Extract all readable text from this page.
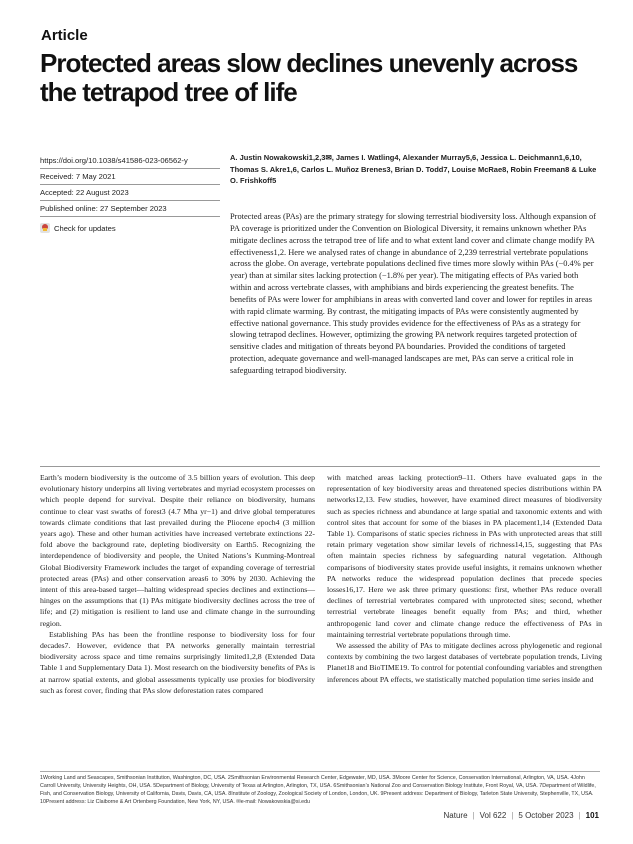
Article
Protected areas slow declines unevenly across the tetrapod tree of life
https://doi.org/10.1038/s41586-023-06562-y
Received: 7 May 2021
Accepted: 22 August 2023
Published online: 27 September 2023
Check for updates
A. Justin Nowakowski1,2,3✉, James I. Watling4, Alexander Murray5,6, Jessica L. Deichmann1,6,10, Thomas S. Akre1,6, Carlos L. Muñoz Brenes3, Brian D. Todd7, Louise McRae8, Robin Freeman8 & Luke O. Frishkoff5
Protected areas (PAs) are the primary strategy for slowing terrestrial biodiversity loss. Although expansion of PA coverage is prioritized under the Convention on Biological Diversity, it remains unknown whether PAs mitigate declines across the tetrapod tree of life and to what extent land cover and climate change modify PA effectiveness1,2. Here we analysed rates of change in abundance of 2,239 terrestrial vertebrate populations across the globe. On average, vertebrate populations declined five times more slowly within PAs (−0.4% per year) than at similar sites lacking protection (−1.8% per year). The mitigating effects of PAs varied both within and across vertebrate classes, with amphibians and birds experiencing the greatest benefits. The benefits of PAs were lower for amphibians in areas with converted land cover and lower for reptiles in areas with rapid climate warming. By contrast, the mitigating impacts of PAs were consistently augmented by effective national governance. This study provides evidence for the effectiveness of PAs as a strategy for slowing tetrapod declines. However, optimizing the growing PA network requires targeted protection of sensitive clades and mitigation of threats beyond PA boundaries. Provided the conditions of targeted protection, adequate governance and well-managed landscapes are met, PAs can serve a critical role in safeguarding tetrapod biodiversity.

Earth’s modern biodiversity is the outcome of 3.5 billion years of evolution. This deep evolutionary history underpins all living vertebrates and myriad ecosystem processes on which people depend for survival. Despite their reliance on biodiversity, humans continue to clear vast swaths of forest3 (4.7 Mha yr−1) and drive global temperatures towards climate conditions that last prevailed during the Pliocene epoch4 (3 million years ago). These and other human activities have increased vertebrate extinctions 22-fold above the background rate, depleting biodiversity on Earth5. Recognizing the interdependence of biodiversity and people, the United Nations’s Kunming-Montreal Global Biodiversity Framework includes the target of expanding coverage of terrestrial protected areas (PAs) and other conservation areas6 to 30% by 2030. Achieving the intent of this area-based target—halting widespread species declines and extinctions—hinges on the assumptions that (1) PAs mitigate biodiversity declines across the tree of life; and (2) mitigation is resilient to land use and climate change in the surrounding region.

Establishing PAs has been the frontline response to biodiversity loss for four decades7. However, evidence that PA networks generally maintain terrestrial biodiversity across space and time remains surprisingly limited1,2,8 (Extended Data Table 1 and Supplementary Data 1). Most research on the biodiversity benefits of PAs is at narrow spatial extents, and global assessments typically use proxies for biodiversity such as forest cover, finding that PAs slow deforestation rates compared

with matched areas lacking protection9–11. Others have evaluated gaps in the representation of key biodiversity areas and threatened species distributions within PA networks12,13. Few studies, however, have examined direct measures of biodiversity such as species richness and abundance at large spatial and taxonomic extents and with control sites that account for some of the biases in PA placement1,14 (Extended Data Table 1). Comparisons of static species richness in PAs with unprotected areas that still retain primary vegetation show similar levels of richness14,15, suggesting that PAs often maintain species richness by safeguarding natural vegetation. Although comparisons of biodiversity states provide useful insights, it remains unknown whether PA networks reduce the widespread population declines that precede species losses16,17. Here we ask three primary questions: first, whether PAs reduce overall declines of terrestrial vertebrates compared with unprotected sites; second, whether terrestrial vertebrate lineages benefit equally from PAs; and third, whether anthropogenic land cover and climate change reduce the effectiveness of PAs in maintaining terrestrial vertebrate populations through time.

We assessed the ability of PAs to mitigate declines across phylogenetic and regional contexts by combining the two largest databases of vertebrate population trends, Living Planet18 and BioTIME19. To control for potential confounding variables and strengthen inferences about PA effects, we statistically matched population time series inside and

1Working Land and Seascapes, Smithsonian Institution, Washington, DC, USA. 2Smithsonian Environmental Research Center, Edgewater, MD, USA. 3Moore Center for Science, Conservation International, Arlington, VA, USA. 4John Carroll University, University Heights, OH, USA. 5Department of Biology, University of Texas at Arlington, Arlington, TX, USA. 6Smithsonian’s National Zoo and Conservation Biology Institute, Front Royal, VA, USA. 7Department of Wildlife, Fish, and Conservation Biology, University of California, Davis, Davis, CA, USA. 8Institute of Zoology, Zoological Society of London, London, UK. 9Present address: Department of Biology, Tarleton State University, Stephenville, TX, USA. 10Present address: Liz Claiborne & Art Ortenberg Foundation, New York, NY, USA. ✉e-mail: Nowakowskia@si.edu
Nature | Vol 622 | 5 October 2023 | 101
